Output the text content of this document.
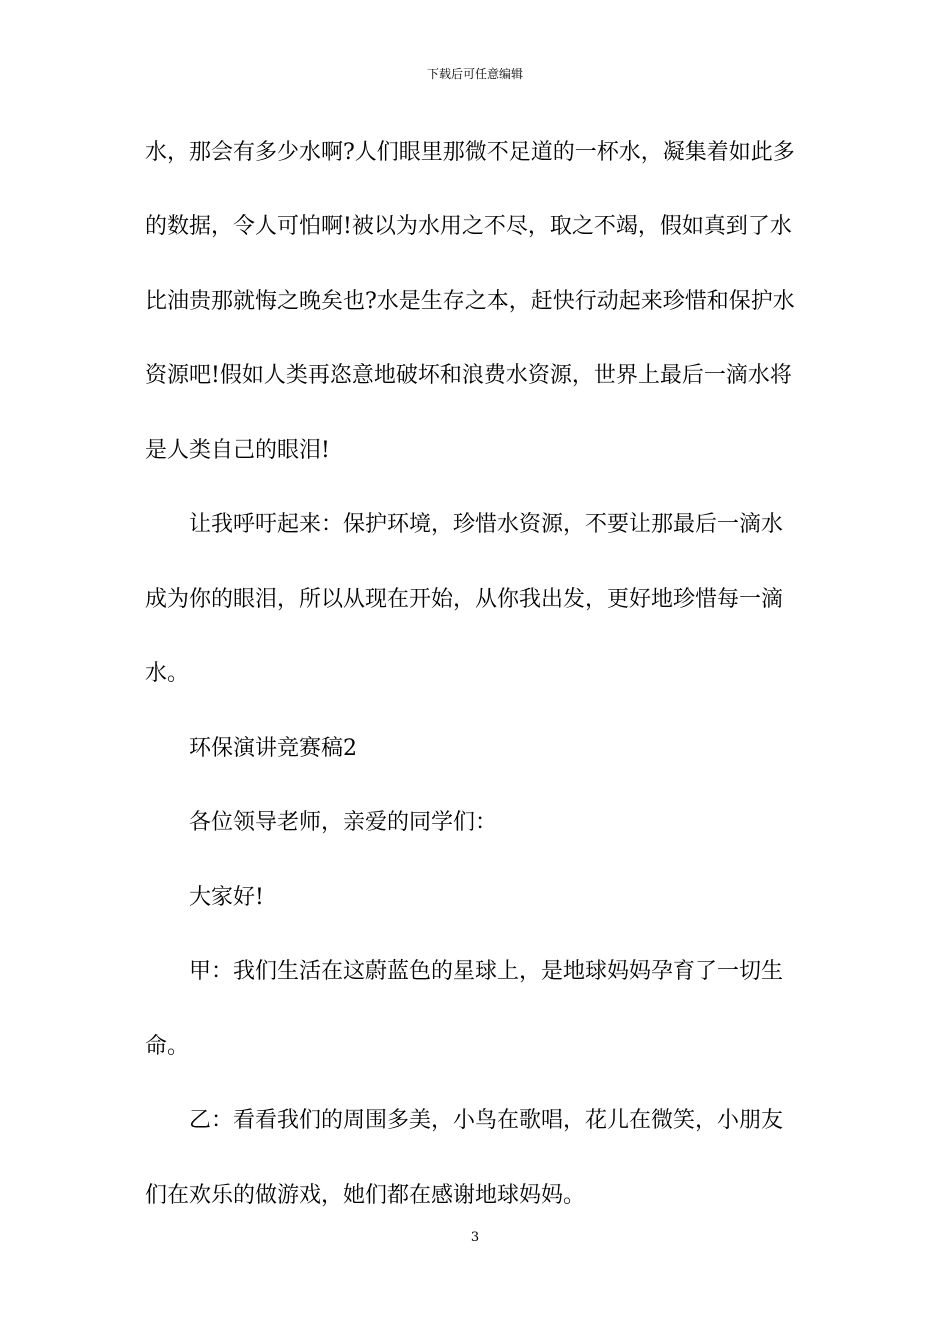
下载后可任意编辑
水，那会有多少水啊?人们眼里那微不足道的一杯水，凝集着如此多
的数据，令人可怕啊!被以为水用之不尽，取之不竭，假如真到了水
比油贵那就悔之晚矣也?水是生存之本，赶快行动起来珍惜和保护水
资源吧!假如人类再恣意地破坏和浪费水资源，世界上最后一滴水将
是人类自己的眼泪!
让我呼吁起来：保护环境，珍惜水资源，不要让那最后一滴水
成为你的眼泪，所以从现在开始，从你我出发，更好地珍惜每一滴
水。
环保演讲竞赛稿2
各位领导老师，亲爱的同学们：
大家好!
甲：我们生活在这蔚蓝色的星球上，是地球妈妈孕育了一切生
命。
乙：看看我们的周围多美，小鸟在歌唱，花儿在微笑，小朋友
们在欢乐的做游戏，她们都在感谢地球妈妈。
3
